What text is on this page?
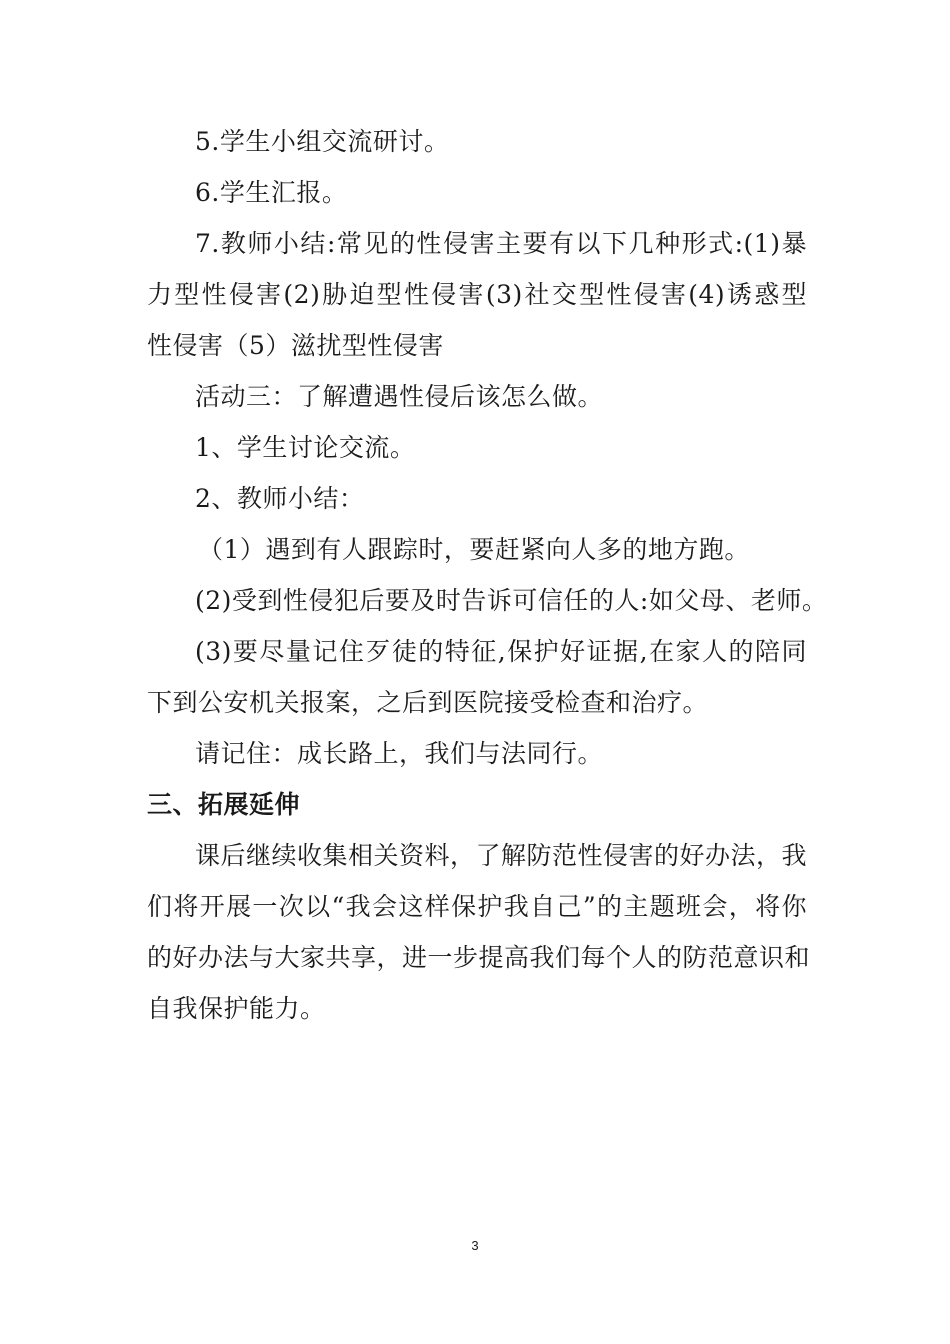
5.学生小组交流研讨。
6.学生汇报。
7.教师小结:常见的性侵害主要有以下几种形式:(1)暴
力型性侵害(2)胁迫型性侵害(3)社交型性侵害(4)诱惑型
性侵害（5）滋扰型性侵害
活动三：了解遭遇性侵后该怎么做。
1、学生讨论交流。
2、教师小结：
（1）遇到有人跟踪时，要赶紧向人多的地方跑。
(2)受到性侵犯后要及时告诉可信任的人:如父母、老师。
(3)要尽量记住歹徒的特征,保护好证据,在家人的陪同
下到公安机关报案，之后到医院接受检查和治疗。
请记住：成长路上，我们与法同行。
三、拓展延伸
课后继续收集相关资料，了解防范性侵害的好办法，我
们将开展一次以“我会这样保护我自己”的主题班会，将你
的好办法与大家共享，进一步提高我们每个人的防范意识和
自我保护能力。
3
